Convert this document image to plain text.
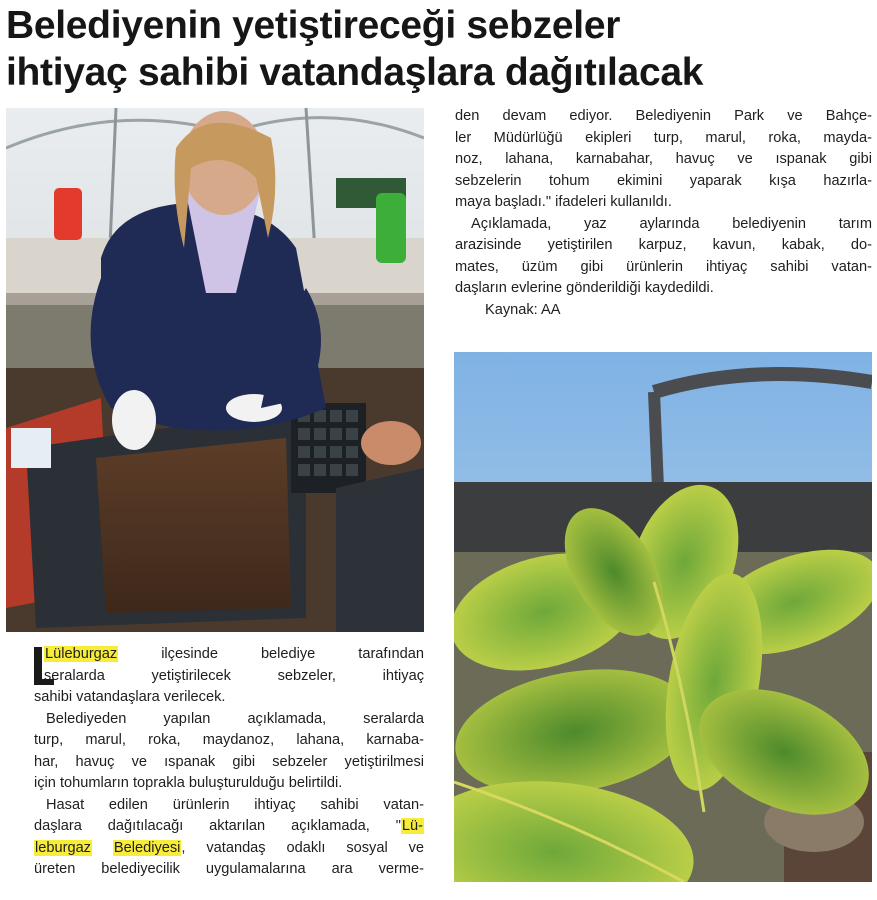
Belediyenin yetiştireceği sebzeler
ihtiyaç sahibi vatandaşlara dağıtılacak
Lüleburgaz	ilçesinde belediye tarafından
seralarda yetiştirilecek sebzeler, ihtiyaç
sahibi vatandaşlara verilecek.
Belediyeden yapılan açıklamada, seralarda
turp, marul, roka, maydanoz, lahana, karnaba-
har, havuç ve ıspanak gibi sebzeler yetiştirilmesi
için tohumların toprakla buluşturulduğu belirtildi.
Hasat edilen ürünlerin ihtiyaç sahibi vatan-
daşlara dağıtılacağı aktarılan açıklamada, "Lü-
leburgaz Belediyesi, vatandaş odaklı sosyal ve
üreten belediyecilik uygulamalarına ara verme-
den devam ediyor. Belediyenin Park ve Bahçe-
ler Müdürlüğü ekipleri turp, marul, roka, mayda-
noz, lahana, karnabahar, havuç ve ıspanak gibi
sebzelerin tohum ekimini yaparak kışa hazırla-
maya başladı." ifadeleri kullanıldı.
Açıklamada, yaz aylarında belediyenin tarım
arazisinde yetiştirilen karpuz, kavun, kabak, do-
mates, üzüm gibi ürünlerin ihtiyaç sahibi vatan-
daşların evlerine gönderildiği kaydedildi.
Kaynak: AA
